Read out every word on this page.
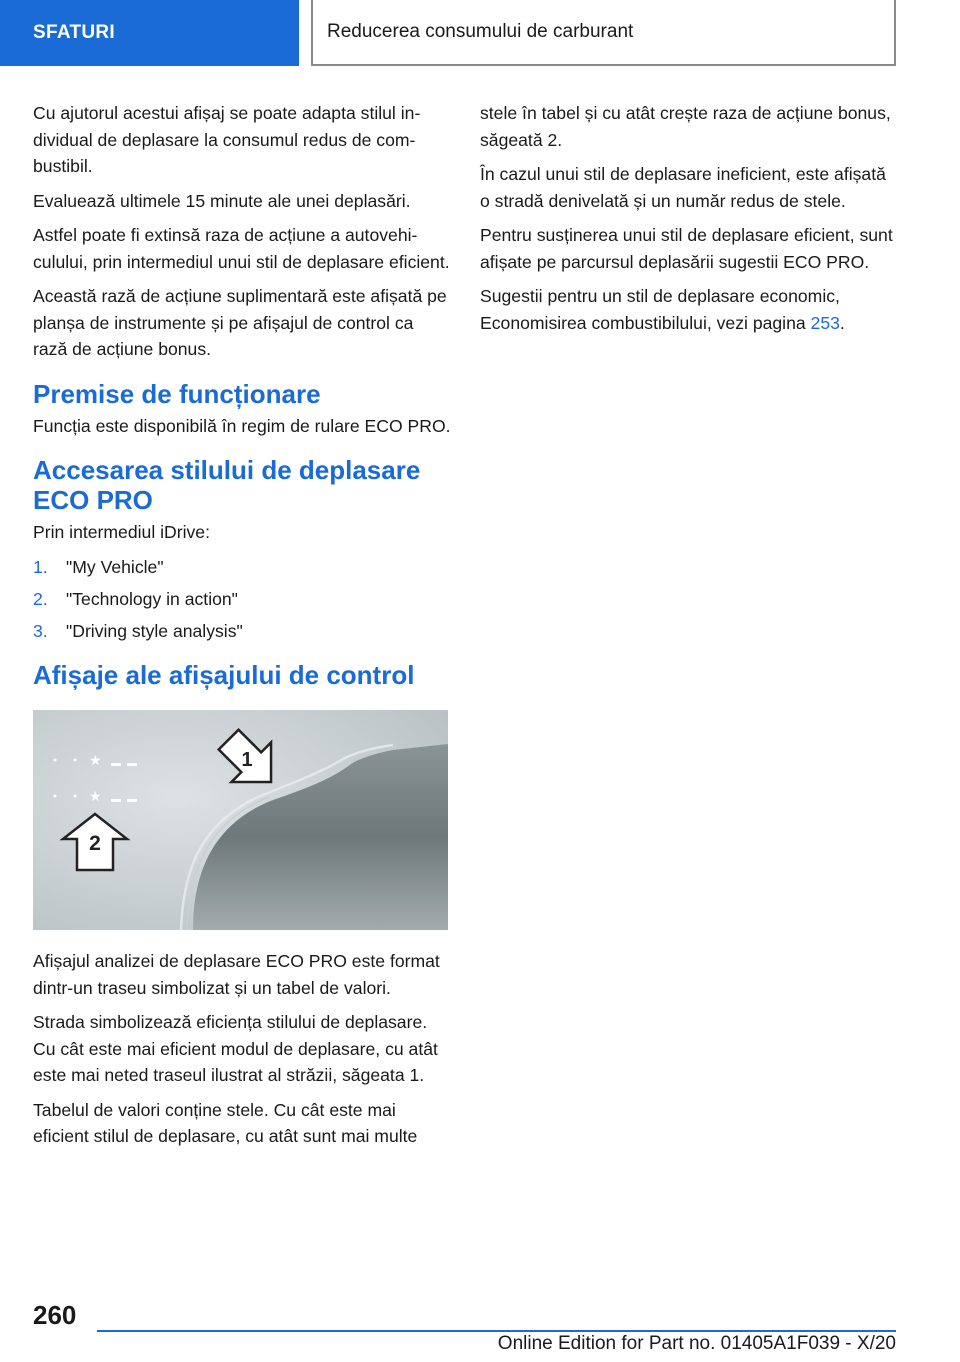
SFATURI	Reducerea consumului de carburant

Cu ajutorul acestui afișaj se poate adapta stilul individual de deplasare la consumul redus de combustibil.

Evaluează ultimele 15 minute ale unei deplasări.

Astfel poate fi extinsă raza de acțiune a autovehiculului, prin intermediul unui stil de deplasare eficient.

Această rază de acțiune suplimentară este afișată pe planșa de instrumente și pe afișajul de control ca rază de acțiune bonus.

Premise de funcționare

Funcția este disponibilă în regim de rulare ECO PRO.

Accesarea stilului de deplasare ECO PRO

Prin intermediul iDrive:

1.	"My Vehicle"
2.	"Technology in action"
3.	"Driving style analysis"
Afișaje ale afișajului de control
★
★
1
2

Afișajul analizei de deplasare ECO PRO este format dintr-un traseu simbolizat și un tabel de valori.

Strada simbolizează eficiența stilului de deplasare. Cu cât este mai eficient modul de deplasare, cu atât este mai neted traseul ilustrat al străzii, săgeata 1.

Tabelul de valori conține stele. Cu cât este mai eficient stilul de deplasare, cu atât sunt mai multe

stele în tabel și cu atât crește raza de acțiune bonus, săgeată 2.

În cazul unui stil de deplasare ineficient, este afișată o stradă denivelată și un număr redus de stele.

Pentru susținerea unui stil de deplasare eficient, sunt afișate pe parcursul deplasării sugestii ECO PRO.

Sugestii pentru un stil de deplasare economic, Economisirea combustibilului, vezi pagina 253.

260
Online Edition for Part no. 01405A1F039 - X/20
